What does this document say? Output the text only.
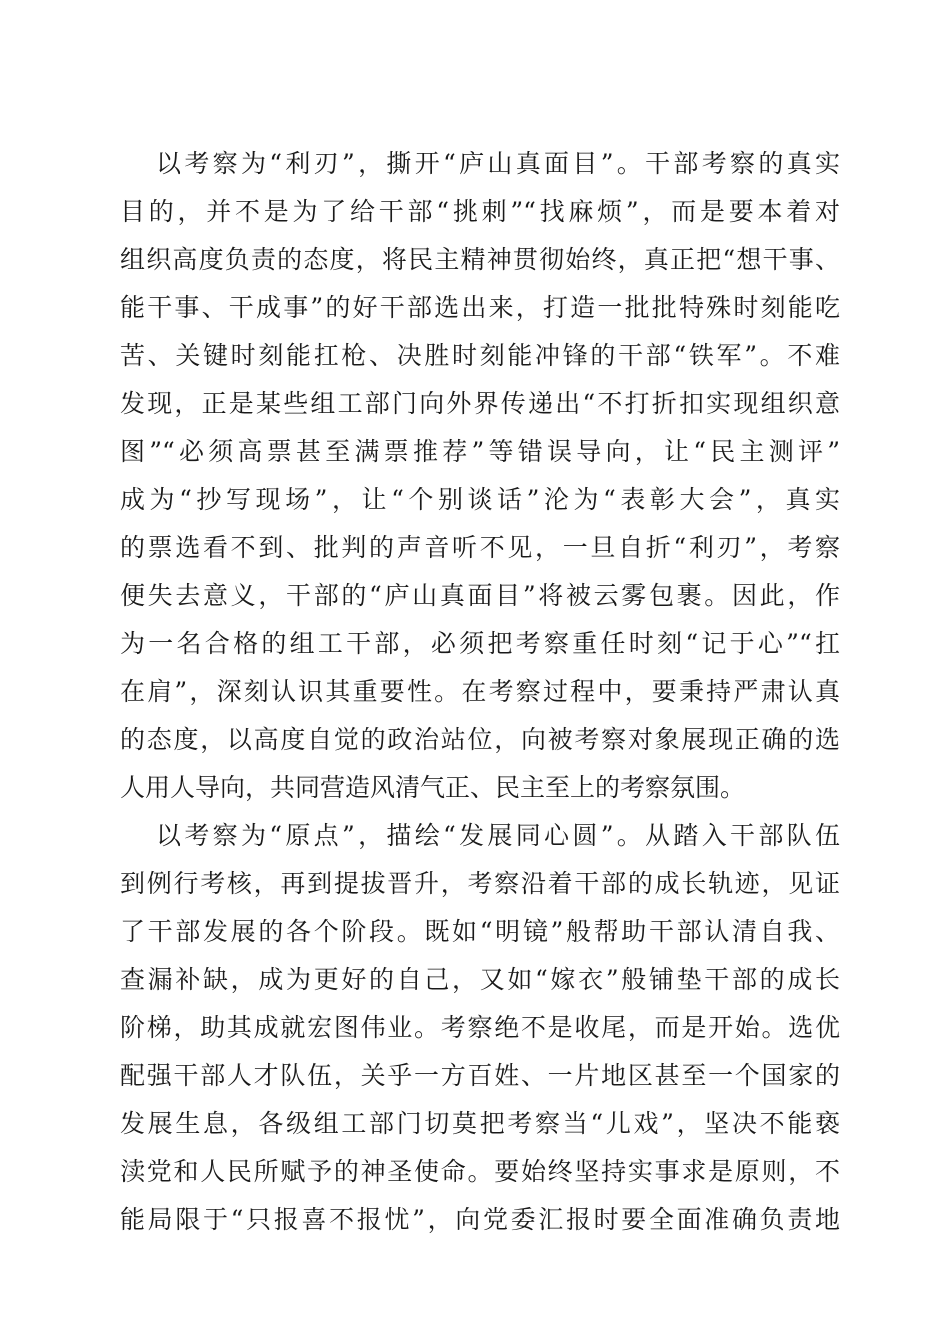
以考察为“利刃”，撕开“庐山真面目”。干部考察的真实
目的，并不是为了给干部“挑刺”“找麻烦”，而是要本着对
组织高度负责的态度，将民主精神贯彻始终，真正把“想干事、
能干事、干成事”的好干部选出来，打造一批批特殊时刻能吃
苦、关键时刻能扛枪、决胜时刻能冲锋的干部“铁军”。不难
发现，正是某些组工部门向外界传递出“不打折扣实现组织意
图”“必须高票甚至满票推荐”等错误导向，让“民主测评”
成为“抄写现场”，让“个别谈话”沦为“表彰大会”，真实
的票选看不到、批判的声音听不见，一旦自折“利刃”，考察
便失去意义，干部的“庐山真面目”将被云雾包裹。因此，作
为一名合格的组工干部，必须把考察重任时刻“记于心”“扛
在肩”，深刻认识其重要性。在考察过程中，要秉持严肃认真
的态度，以高度自觉的政治站位，向被考察对象展现正确的选
人用人导向，共同营造风清气正、民主至上的考察氛围。
以考察为“原点”，描绘“发展同心圆”。从踏入干部队伍
到例行考核，再到提拔晋升，考察沿着干部的成长轨迹，见证
了干部发展的各个阶段。既如“明镜”般帮助干部认清自我、
查漏补缺，成为更好的自己，又如“嫁衣”般铺垫干部的成长
阶梯，助其成就宏图伟业。考察绝不是收尾，而是开始。选优
配强干部人才队伍，关乎一方百姓、一片地区甚至一个国家的
发展生息，各级组工部门切莫把考察当“儿戏”，坚决不能亵
渎党和人民所赋予的神圣使命。要始终坚持实事求是原则，不
能局限于“只报喜不报忧”，向党委汇报时要全面准确负责地
